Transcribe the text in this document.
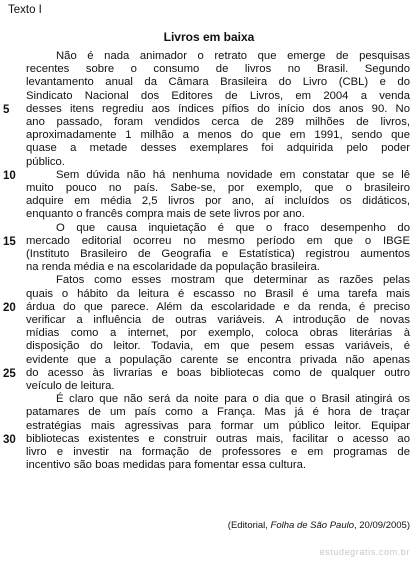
Texto I
Livros em baixa
Não é nada animador o retrato que emerge de pesquisas
recentes sobre o consumo de livros no Brasil. Segundo
levantamento anual da Câmara Brasileira do Livro (CBL) e do
Sindicato Nacional dos Editores de Livros, em 2004 a venda
desses itens regrediu aos índices pífios do início dos anos 90. No
ano passado, foram vendidos cerca de 289 milhões de livros,
aproximadamente 1 milhão a menos do que em 1991, sendo que
quase a metade desses exemplares foi adquirida pelo poder
público.
Sem dúvida não há nenhuma novidade em constatar que se lê
muito pouco no país. Sabe-se, por exemplo, que o brasileiro
adquire em média 2,5 livros por ano, aí incluídos os didáticos,
enquanto o francês compra mais de sete livros por ano.
O que causa inquietação é que o fraco desempenho do
mercado editorial ocorreu no mesmo período em que o IBGE
(Instituto Brasileiro de Geografia e Estatística) registrou aumentos
na renda média e na escolaridade da população brasileira.
Fatos como esses mostram que determinar as razões pelas
quais o hábito da leitura é escasso no Brasil é uma tarefa mais
árdua do que parece. Além da escolaridade e da renda, é preciso
verificar a influência de outras variáveis. A introdução de novas
mídias como a internet, por exemplo, coloca obras literárias à
disposição do leitor. Todavia, em que pesem essas variáveis, é
evidente que a população carente se encontra privada não apenas
do acesso às livrarias e boas bibliotecas como de qualquer outro
veículo de leitura.
É claro que não será da noite para o dia que o Brasil atingirá os
patamares de um país como a França. Mas já é hora de traçar
estratégias mais agressivas para formar um público leitor. Equipar
bibliotecas existentes e construir outras mais, facilitar o acesso ao
livro e investir na formação de professores e em programas de
incentivo são boas medidas para fomentar essa cultura.
5
10
15
20
25
30
(Editorial, Folha de São Paulo, 20/09/2005)
estudegratis.com.br
